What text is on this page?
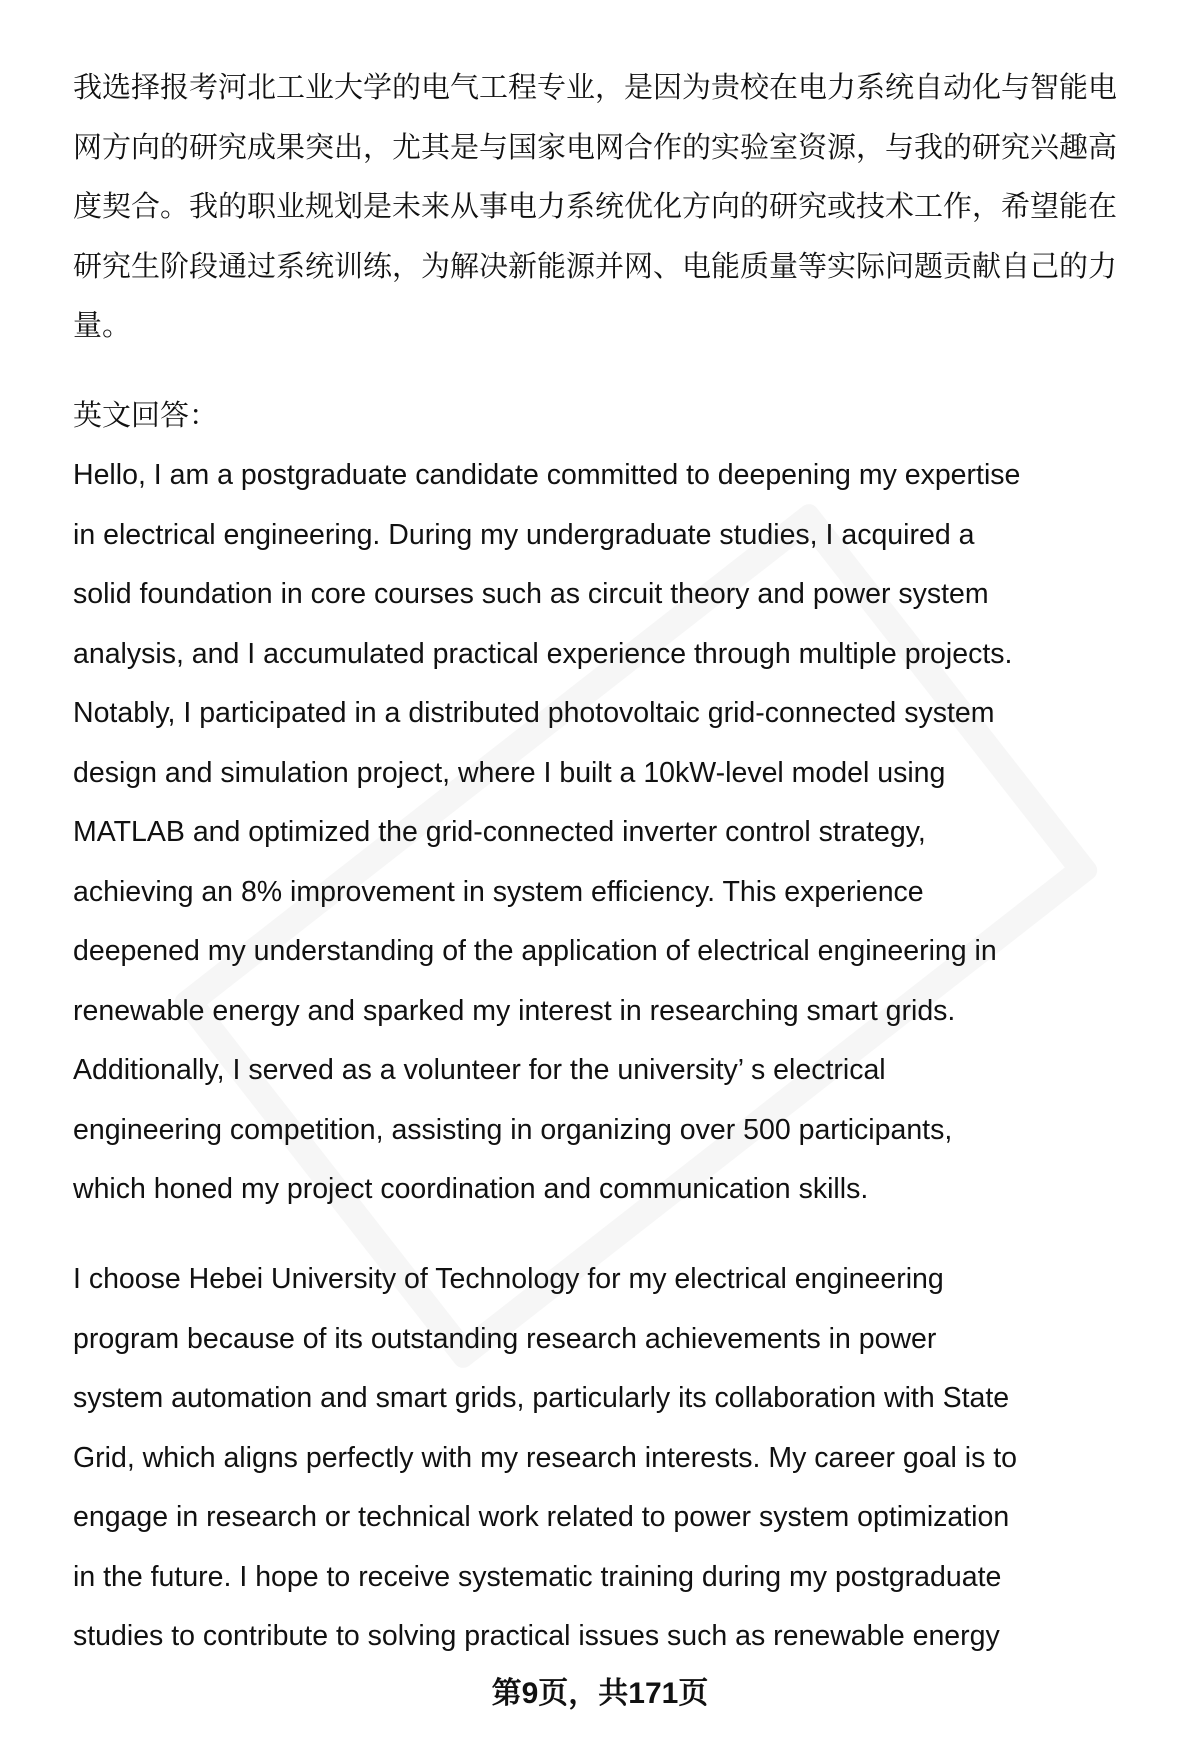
我选择报考河北工业大学的电气工程专业，是因为贵校在电力系统自动化与智能电
网方向的研究成果突出，尤其是与国家电网合作的实验室资源，与我的研究兴趣高
度契合。我的职业规划是未来从事电力系统优化方向的研究或技术工作，希望能在
研究生阶段通过系统训练，为解决新能源并网、电能质量等实际问题贡献自己的力
量。
英文回答：
Hello, I am a postgraduate candidate committed to deepening my expertise
in electrical engineering. During my undergraduate studies, I acquired a
solid foundation in core courses such as circuit theory and power system
analysis, and I accumulated practical experience through multiple projects.
Notably, I participated in a distributed photovoltaic grid-connected system
design and simulation project, where I built a 10kW-level model using
MATLAB and optimized the grid-connected inverter control strategy,
achieving an 8% improvement in system efficiency. This experience
deepened my understanding of the application of electrical engineering in
renewable energy and sparked my interest in researching smart grids.
Additionally, I served as a volunteer for the university’ s electrical
engineering competition, assisting in organizing over 500 participants,
which honed my project coordination and communication skills.
I choose Hebei University of Technology for my electrical engineering
program because of its outstanding research achievements in power
system automation and smart grids, particularly its collaboration with State
Grid, which aligns perfectly with my research interests. My career goal is to
engage in research or technical work related to power system optimization
in the future. I hope to receive systematic training during my postgraduate
studies to contribute to solving practical issues such as renewable energy
第9页，共171页
